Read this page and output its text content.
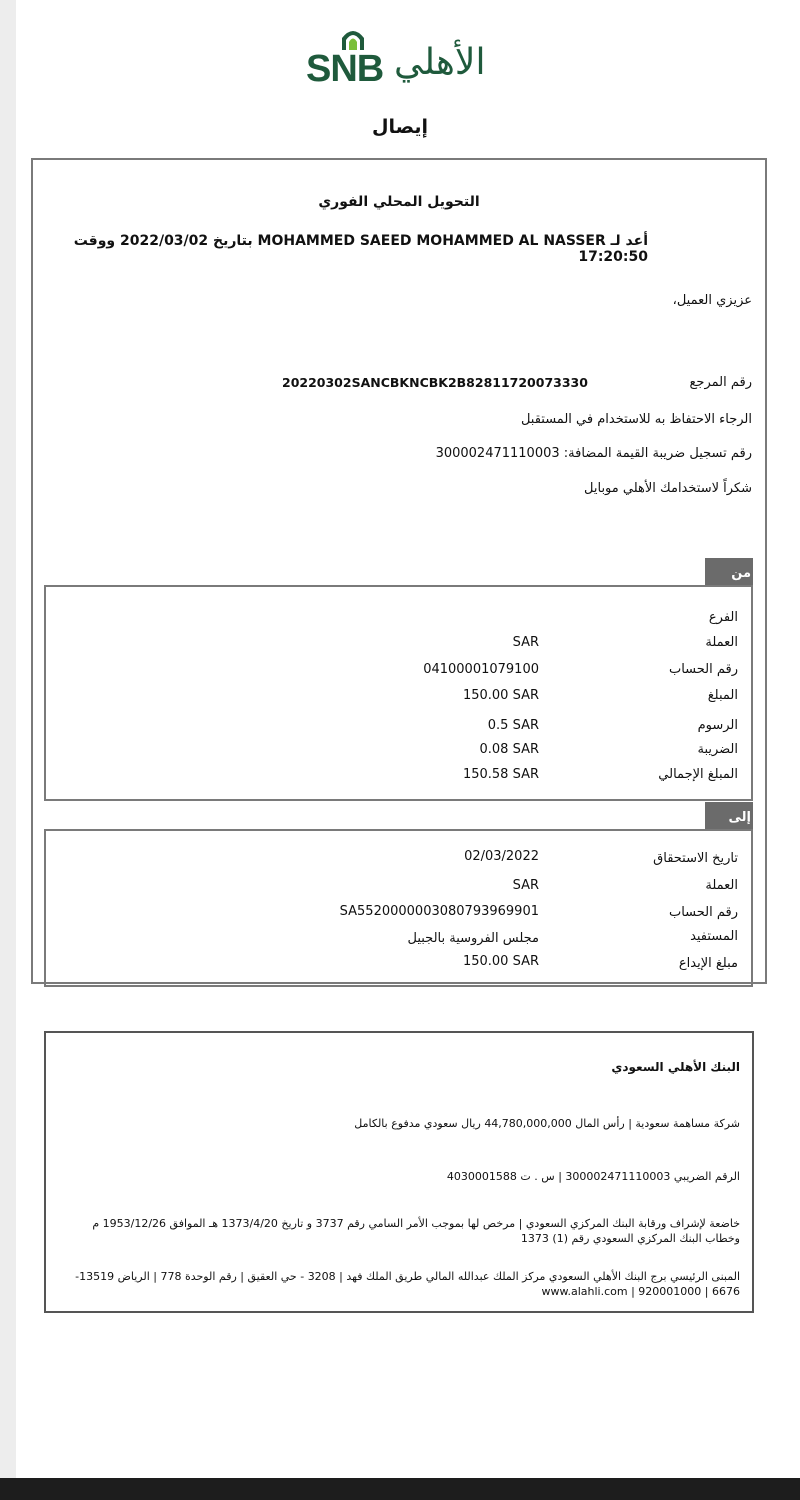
SNB الأهلي
إيصال
التحويل المحلي الفوري
أعد لـ MOHAMMED SAEED MOHAMMED AL NASSER بتاريخ 2022/03/02 ووقت 17:20:50
عزيزي العميل،
رقم المرجع
20220302SANCBKNCBK2B82811720073330
الرجاء الاحتفاظ به للاستخدام في المستقبل
رقم تسجيل ضريبة القيمة المضافة: 300002471110003
شكراً لاستخدامك الأهلي موبايل
من
الفرع
العملة
SAR
رقم الحساب
04100001079100
المبلغ
150.00 SAR
الرسوم
0.5 SAR
الضريبة
0.08 SAR
المبلغ الإجمالي
150.58 SAR
إلى
تاريخ الاستحقاق
02/03/2022
العملة
SAR
رقم الحساب
SA5520000003080793969901
المستفيد
مجلس الفروسية بالجبيل
مبلغ الإيداع
150.00 SAR
البنك الأهلي السعودي
شركة مساهمة سعودية | رأس المال 44,780,000,000 ريال سعودي مدفوع بالكامل
الرقم الضريبي 300002471110003 | س . ت 4030001588
خاضعة لإشراف ورقابة البنك المركزي السعودي | مرخص لها بموجب الأمر السامي رقم 3737 و تاريخ 1373/4/20 هـ الموافق 1953/12/26 م وخطاب البنك المركزي السعودي رقم (1) 1373
المبنى الرئيسي برج البنك الأهلي السعودي مركز الملك عبدالله المالي طريق الملك فهد | 3208 - حي العقيق | رقم الوحدة 778 | الرياض 13519-6676 | www.alahli.com | 920001000
